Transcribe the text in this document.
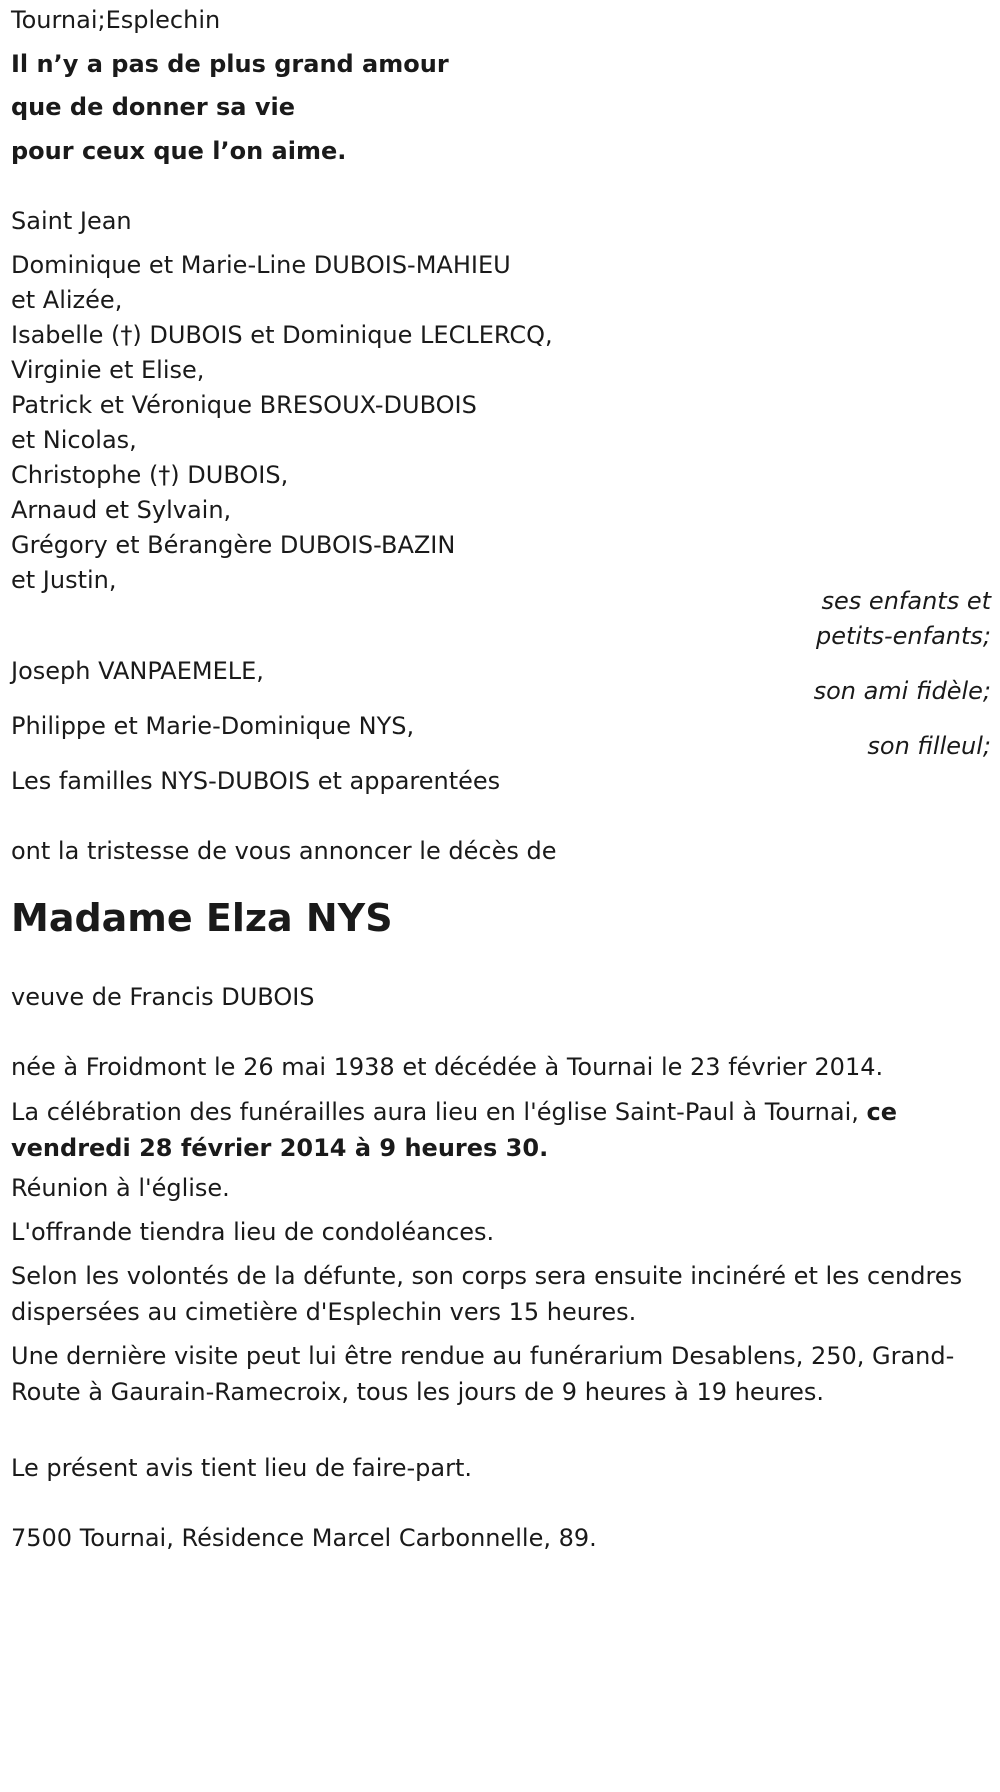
Tournai;Esplechin
Il n’y a pas de plus grand amour
que de donner sa vie
pour ceux que l’on aime.
Saint Jean
Dominique et Marie-Line DUBOIS-MAHIEU
et Alizée,
Isabelle (†) DUBOIS et Dominique LECLERCQ,
Virginie et Elise,
Patrick et Véronique BRESOUX-DUBOIS
et Nicolas,
Christophe (†) DUBOIS,
Arnaud et Sylvain,
Grégory et Bérangère DUBOIS-BAZIN
et Justin,
ses enfants et
petits-enfants;
Joseph VANPAEMELE,
son ami fidèle;
Philippe et Marie-Dominique NYS,
son filleul;
Les familles NYS-DUBOIS et apparentées
ont la tristesse de vous annoncer le décès de
Madame Elza NYS
veuve de Francis DUBOIS
née à Froidmont le 26 mai 1938 et décédée à Tournai le 23 février 2014.
La célébration des funérailles aura lieu en l'église Saint-Paul à Tournai, ce vendredi 28 février 2014 à 9 heures 30.
Réunion à l'église.
L'offrande tiendra lieu de condoléances.
Selon les volontés de la défunte, son corps sera ensuite incinéré et les cendres dispersées au cimetière d'Esplechin vers 15 heures.
Une dernière visite peut lui être rendue au funérarium Desablens, 250, Grand-Route à Gaurain-Ramecroix, tous les jours de 9 heures à 19 heures.
Le présent avis tient lieu de faire-part.
7500 Tournai, Résidence Marcel Carbonnelle, 89.
